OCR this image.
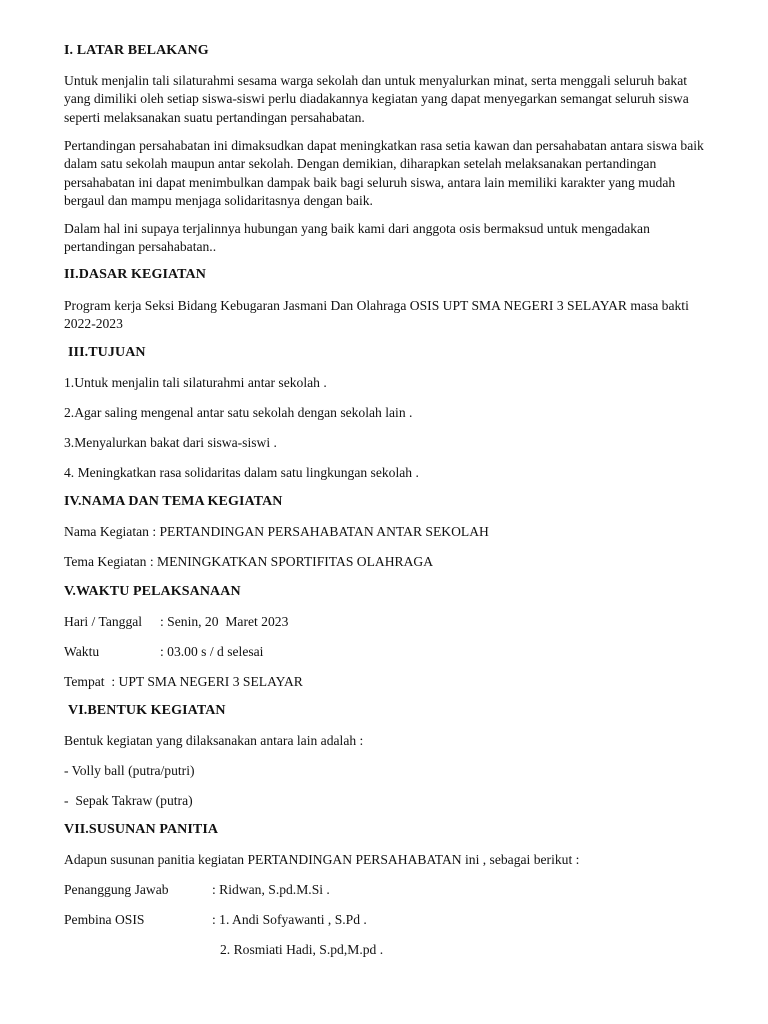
I. LATAR BELAKANG
Untuk menjalin tali silaturahmi sesama warga sekolah dan untuk menyalurkan minat, serta menggali seluruh bakat yang dimiliki oleh setiap siswa-siswi perlu diadakannya kegiatan yang dapat menyegarkan semangat seluruh siswa seperti melaksanakan suatu pertandingan persahabatan.
Pertandingan persahabatan ini dimaksudkan dapat meningkatkan rasa setia kawan dan persahabatan antara siswa baik dalam satu sekolah maupun antar sekolah. Dengan demikian, diharapkan setelah melaksanakan pertandingan persahabatan ini dapat menimbulkan dampak baik bagi seluruh siswa, antara lain memiliki karakter yang mudah bergaul dan mampu menjaga solidaritasnya dengan baik.
Dalam hal ini supaya terjalinnya hubungan yang baik kami dari anggota osis bermaksud untuk mengadakan pertandingan persahabatan..
II.DASAR KEGIATAN
Program kerja Seksi Bidang Kebugaran Jasmani Dan Olahraga OSIS UPT SMA NEGERI 3 SELAYAR masa bakti 2022-2023
III.TUJUAN
1.Untuk menjalin tali silaturahmi antar sekolah .
2.Agar saling mengenal antar satu sekolah dengan sekolah lain .
3.Menyalurkan bakat dari siswa-siswi .
4. Meningkatkan rasa solidaritas dalam satu lingkungan sekolah .
IV.NAMA DAN TEMA KEGIATAN
Nama Kegiatan : PERTANDINGAN PERSAHABATAN ANTAR SEKOLAH
Tema Kegiatan : MENINGKATKAN SPORTIFITAS OLAHRAGA
V.WAKTU PELAKSANAAN
Hari / Tanggal : Senin, 20  Maret 2023
Waktu	: 03.00 s / d selesai
Tempat  : UPT SMA NEGERI 3 SELAYAR
VI.BENTUK KEGIATAN
Bentuk kegiatan yang dilaksanakan antara lain adalah :
- Volly ball (putra/putri)
-  Sepak Takraw (putra)
VII.SUSUNAN PANITIA
Adapun susunan panitia kegiatan PERTANDINGAN PERSAHABATAN ini , sebagai berikut :
Penanggung Jawab	: Ridwan, S.pd.M.Si .
Pembina OSIS	: 1. Andi Sofyawanti , S.Pd .
2. Rosmiati Hadi, S.pd,M.pd .
